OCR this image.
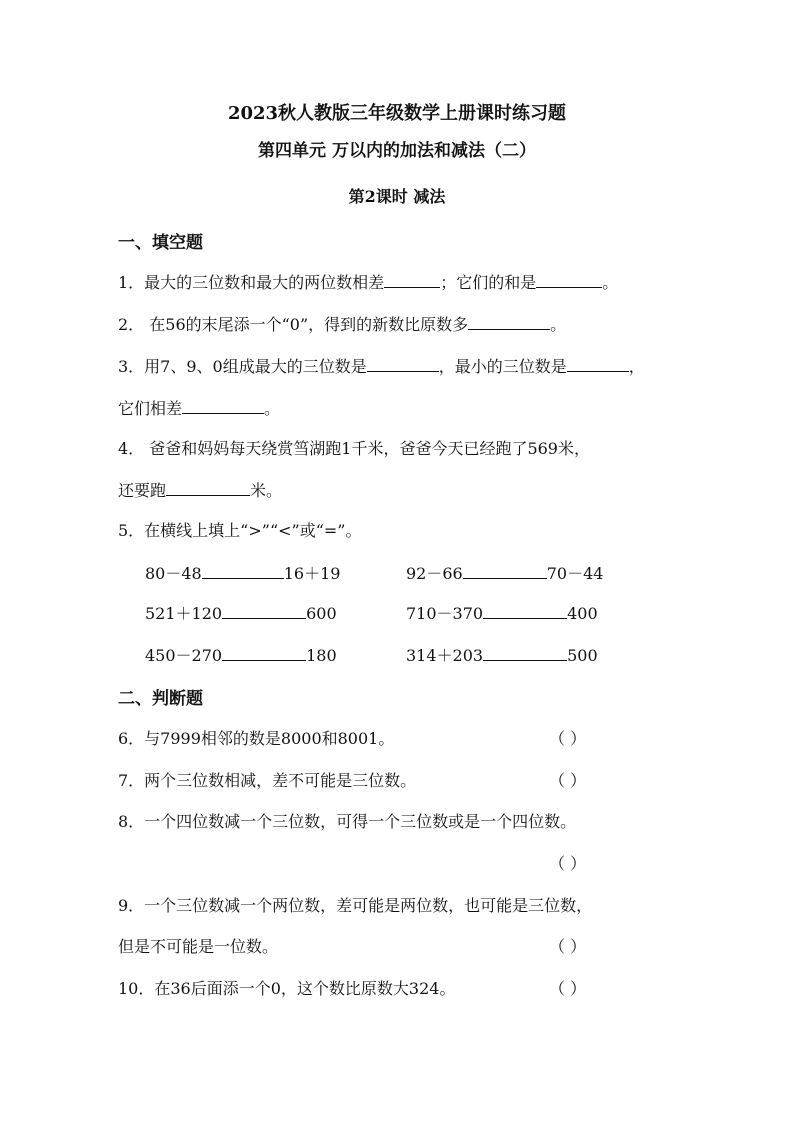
2023秋人教版三年级数学上册课时练习题
第四单元 万以内的加法和减法（二）
第2课时 减法
一、填空题
1．最大的三位数和最大的两位数相差	；它们的和是	。
2． 在56的末尾添一个“0”，得到的新数比原数多	。
3．用7、9、0组成最大的三位数是	，最小的三位数是	，
它们相差	。
4． 爸爸和妈妈每天绕赏筜湖跑1千米，爸爸今天已经跑了569米，
还要跑	米。
5．在横线上填上“>”“<”或“=”。
80－48	16＋19	92－66	70－44
521＋120	600	710－370	400
450－270	180	314＋203	500
二、判断题
6．与7999相邻的数是8000和8001。	（ ）
7．两个三位数相减，差不可能是三位数。	（ ）
8．一个四位数减一个三位数，可得一个三位数或是一个四位数。
（ ）
9．一个三位数减一个两位数，差可能是两位数，也可能是三位数，
但是不可能是一位数。	（ ）
10．在36后面添一个0，这个数比原数大324。	（ ）
